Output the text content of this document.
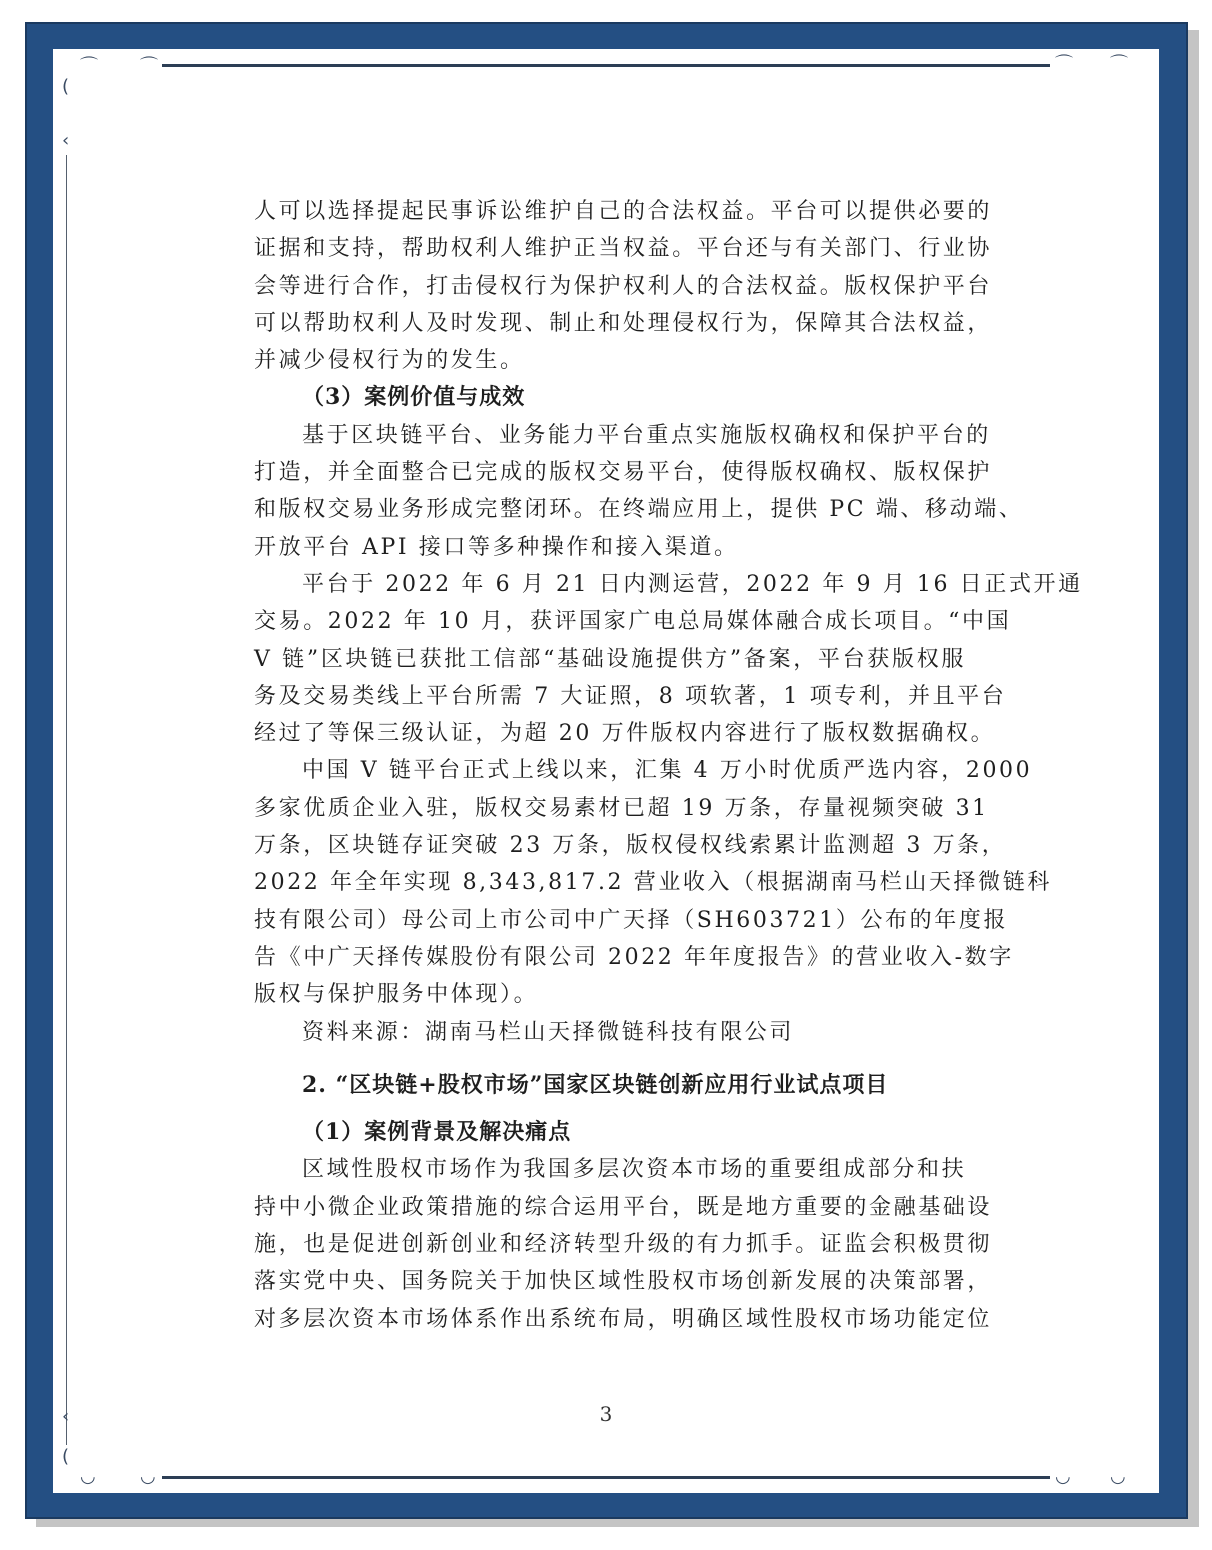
⌒ ⌒
(
‹
⌒ ⌒
‹
(
◡ ◡	◡ ◡
人可以选择提起民事诉讼维护自己的合法权益。平台可以提供必要的
证据和支持，帮助权利人维护正当权益。平台还与有关部门、行业协
会等进行合作，打击侵权行为保护权利人的合法权益。版权保护平台
可以帮助权利人及时发现、制止和处理侵权行为，保障其合法权益，
并减少侵权行为的发生。
（3）案例价值与成效
基于区块链平台、业务能力平台重点实施版权确权和保护平台的
打造，并全面整合已完成的版权交易平台，使得版权确权、版权保护
和版权交易业务形成完整闭环。在终端应用上，提供 PC 端、移动端、
开放平台 API 接口等多种操作和接入渠道。
平台于 2022 年 6 月 21 日内测运营，2022 年 9 月 16 日正式开通
交易。2022 年 10 月，获评国家广电总局媒体融合成长项目。“中国
V 链”区块链已获批工信部“基础设施提供方”备案，平台获版权服
务及交易类线上平台所需 7 大证照，8 项软著，1 项专利，并且平台
经过了等保三级认证，为超 20 万件版权内容进行了版权数据确权。
中国 V 链平台正式上线以来，汇集 4 万小时优质严选内容，2000
多家优质企业入驻，版权交易素材已超 19 万条，存量视频突破 31
万条，区块链存证突破 23 万条，版权侵权线索累计监测超 3 万条，
2022 年全年实现 8,343,817.2 营业收入（根据湖南马栏山天择微链科
技有限公司）母公司上市公司中广天择（SH603721）公布的年度报
告《中广天择传媒股份有限公司 2022 年年度报告》的营业收入-数字
版权与保护服务中体现）。
资料来源：湖南马栏山天择微链科技有限公司
2. “区块链+股权市场”国家区块链创新应用行业试点项目
（1）案例背景及解决痛点
区域性股权市场作为我国多层次资本市场的重要组成部分和扶
持中小微企业政策措施的综合运用平台，既是地方重要的金融基础设
施，也是促进创新创业和经济转型升级的有力抓手。证监会积极贯彻
落实党中央、国务院关于加快区域性股权市场创新发展的决策部署，
对多层次资本市场体系作出系统布局，明确区域性股权市场功能定位
3
